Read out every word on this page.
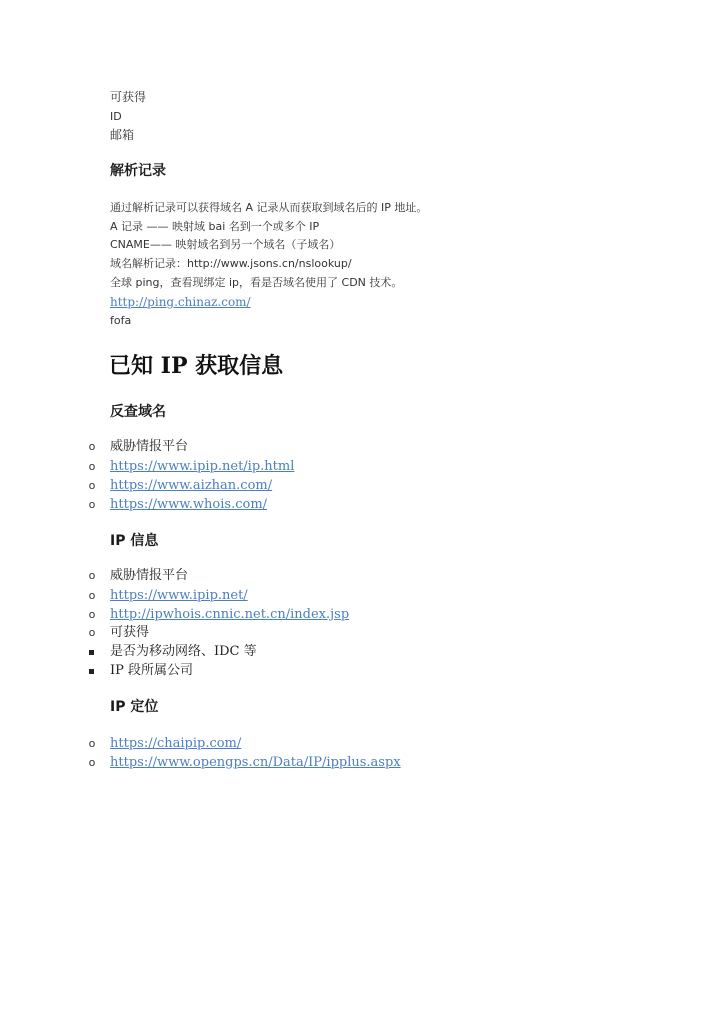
可获得
ID
邮箱
解析记录
通过解析记录可以获得域名 A 记录从而获取到域名后的 IP 地址。
A 记录 —— 映射域 bai 名到一个或多个 IP
CNAME—— 映射域名到另一个域名（子域名）
域名解析记录：http://www.jsons.cn/nslookup/
全球 ping，查看现绑定 ip，看是否域名使用了 CDN 技术。
http://ping.chinaz.com/
fofa
已知 IP 获取信息
反查域名
o 威胁情报平台
o https://www.ipip.net/ip.html
o https://www.aizhan.com/
o https://www.whois.com/
IP 信息
o 威胁情报平台
o https://www.ipip.net/
o http://ipwhois.cnnic.net.cn/index.jsp
o 可获得
是否为移动网络、IDC 等
IP 段所属公司
IP 定位
o https://chaipip.com/
o https://www.opengps.cn/Data/IP/ipplus.aspx
